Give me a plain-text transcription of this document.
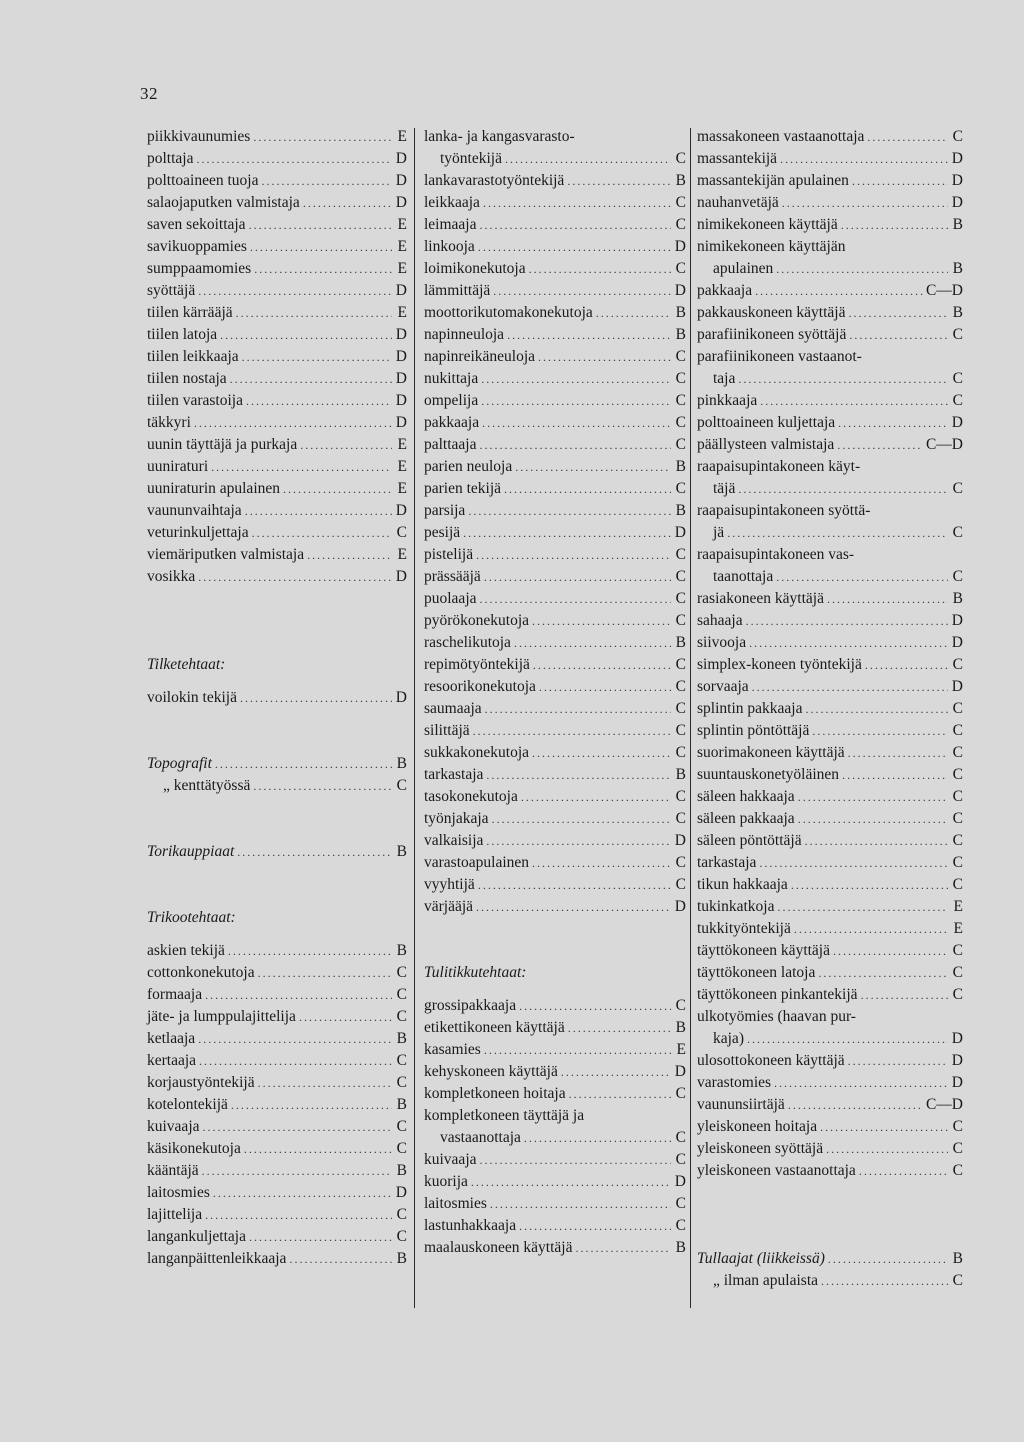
32
piikkivaunumies .....	E
polttaja .....	D
polttoaineen tuoja .....	D
salaojaputken valmistaja .....	D
saven sekoittaja .....	E
savikuoppamies .....	E
sumppaamomies .....	E
syöttäjä .....	D
tiilen kärrääjä .....	E
tiilen latoja .....	D
tiilen leikkaaja .....	D
tiilen nostaja .....	D
tiilen varastoija .....	D
täkkyri .....	D
uunin täyttäjä ja purkaja .....	E
uuniraturi .....	E
uuniraturin apulainen .....	E
vaununvaihtaja .....	D
veturinkuljettaja .....	C
viemäriputken valmistaja .....	E
vosikka .....	D
Tilketehtaat:
voilokin tekijä .....	D
Topografit .....	B
„ kenttätyössä .....	C
Torikauppiaat .....	B
Trikootehtaat:
askien tekijä .....	B
cottonkonekutoja .....	C
formaaja .....	C
jäte- ja lumppulajittelija .....	C
ketlaaja .....	B
kertaaja .....	C
korjaustyöntekijä .....	C
kotelontekijä .....	B
kuivaaja .....	C
käsikonekutoja .....	C
kääntäjä .....	B
laitosmies .....	D
lajittelija .....	C
langankuljettaja .....	C
langanpäittenleikkaaja .....	B
lanka- ja kangasvarasto-
työntekijä .....	C
lankavarastotyöntekijä .....	B
leikkaaja .....	C
leimaaja .....	C
linkooja .....	D
loimikonekutoja .....	C
lämmittäjä .....	D
moottorikutomakonekutoja .....	B
napinneuloja .....	B
napinreikäneuloja .....	C
nukittaja .....	C
ompelija .....	C
pakkaaja .....	C
palttaaja .....	C
parien neuloja .....	B
parien tekijä .....	C
parsija .....	B
pesijä .....	D
pistelijä .....	C
prässääjä .....	C
puolaaja .....	C
pyörökonekutoja .....	C
raschelikutoja .....	B
repimötyöntekijä .....	C
resoorikonekutoja .....	C
saumaaja .....	C
silittäjä .....	C
sukkakonekutoja .....	C
tarkastaja .....	B
tasokonekutoja .....	C
työnjakaja .....	C
valkaisija .....	D
varastoapulainen .....	C
vyyhtijä .....	C
värjääjä .....	D
Tulitikkutehtaat:
grossipakkaaja .....	C
etikettikoneen käyttäjä .....	B
kasamies .....	E
kehyskoneen käyttäjä .....	D
kompletkoneen hoitaja .....	C
kompletkoneen täyttäjä ja
vastaanottaja .....	C
kuivaaja .....	C
kuorija .....	D
laitosmies .....	C
lastunhakkaaja .....	C
maalauskoneen käyttäjä .....	B
massakoneen vastaanottaja .....	C
massantekijä .....	D
massantekijän apulainen .....	D
nauhanvetäjä .....	D
nimikekoneen käyttäjä .....	B
nimikekoneen käyttäjän
apulainen .....	B
pakkaaja .....	C—D
pakkauskoneen käyttäjä .....	B
parafiinikoneen syöttäjä .....	C
parafiinikoneen vastaanot-
taja .....	C
pinkkaaja .....	C
polttoaineen kuljettaja .....	D
päällysteen valmistaja .....	C—D
raapaisupintakoneen käyt-
täjä .....	C
raapaisupintakoneen syöttä-
jä .....	C
raapaisupintakoneen vas-
taanottaja .....	C
rasiakoneen käyttäjä .....	B
sahaaja .....	D
siivooja .....	D
simplex-koneen työntekijä .....	C
sorvaaja .....	D
splintin pakkaaja .....	C
splintin pöntöttäjä .....	C
suorimakoneen käyttäjä .....	C
suuntauskonetyöläinen .....	C
säleen hakkaaja .....	C
säleen pakkaaja .....	C
säleen pöntöttäjä .....	C
tarkastaja .....	C
tikun hakkaaja .....	C
tukinkatkoja .....	E
tukkityöntekijä .....	E
täyttökoneen käyttäjä .....	C
täyttökoneen latoja .....	C
täyttökoneen pinkantekijä .....	C
ulkotyömies (haavan pur-
kaja) .....	D
ulosottokoneen käyttäjä .....	D
varastomies .....	D
vaununsiirtäjä .....	C—D
yleiskoneen hoitaja .....	C
yleiskoneen syöttäjä .....	C
yleiskoneen vastaanottaja .....	C
Tullaajat (liikkeissä) .....	B
„ ilman apulaista .....	C
